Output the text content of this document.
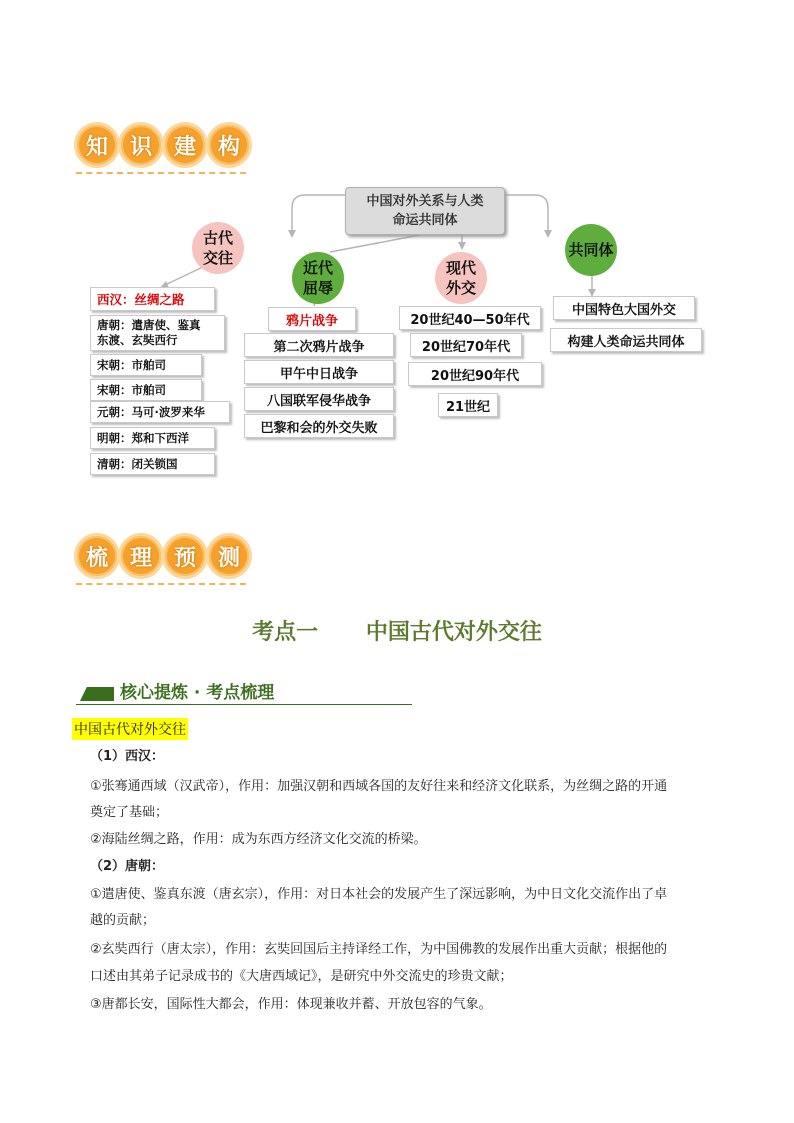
知 识 建 构
中国对外关系与人类
命运共同体
古代
交往
近代
屈辱
现代
外交
共同体
西汉：丝绸之路
唐朝：遣唐使、鉴真
东渡、玄奘西行
宋朝：市舶司
宋朝：市舶司
元朝：马可·波罗来华
明朝：郑和下西洋
清朝：闭关锁国
鸦片战争
第二次鸦片战争
甲午中日战争
八国联军侵华战争
巴黎和会的外交失败
20世纪40—50年代
20世纪70年代
20世纪90年代
21世纪
中国特色大国外交
构建人类命运共同体
梳 理 预 测
考点一 中国古代对外交往
核心提炼 · 考点梳理
中国古代对外交往
（1）西汉：
①张骞通西域（汉武帝），作用：加强汉朝和西域各国的友好往来和经济文化联系，为丝绸之路的开通
奠定了基础；
②海陆丝绸之路，作用：成为东西方经济文化交流的桥梁。
（2）唐朝：
①遣唐使、鉴真东渡（唐玄宗），作用：对日本社会的发展产生了深远影响，为中日文化交流作出了卓
越的贡献；
②玄奘西行（唐太宗），作用：玄奘回国后主持译经工作，为中国佛教的发展作出重大贡献；根据他的
口述由其弟子记录成书的《大唐西域记》，是研究中外交流史的珍贵文献；
③唐都长安，国际性大都会，作用：体现兼收并蓄、开放包容的气象。
